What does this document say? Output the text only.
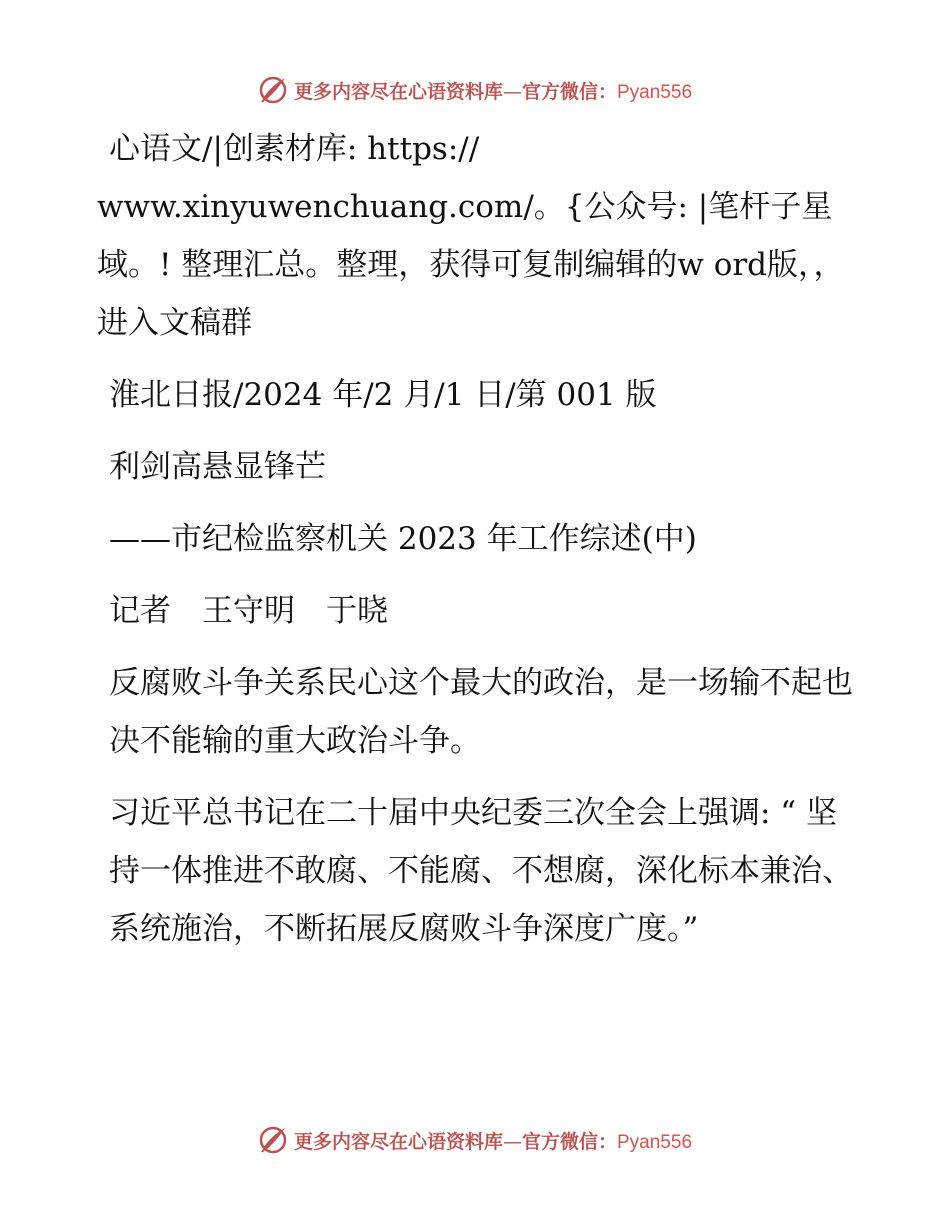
更多内容尽在心语资料库—官方微信：Pyan556

心语文/|创素材库: https://

www.xinyuwenchuang.com/。{公众号: |笔杆子星域。! 整理汇总。整理，获得可复制编辑的w ord版，，进入文稿群

淮北日报/2024 年/2 月/1 日/第 001 版

利剑高悬显锋芒

——市纪检监察机关 2023 年工作综述(中)

记者　王守明　于晓

反腐败斗争关系民心这个最大的政治，是一场输不起也决不能输的重大政治斗争。

习近平总书记在二十届中央纪委三次全会上强调: “ 坚持一体推进不敢腐、不能腐、不想腐，深化标本兼治、系统施治，不断拓展反腐败斗争深度广度。”

更多内容尽在心语资料库—官方微信：Pyan556
